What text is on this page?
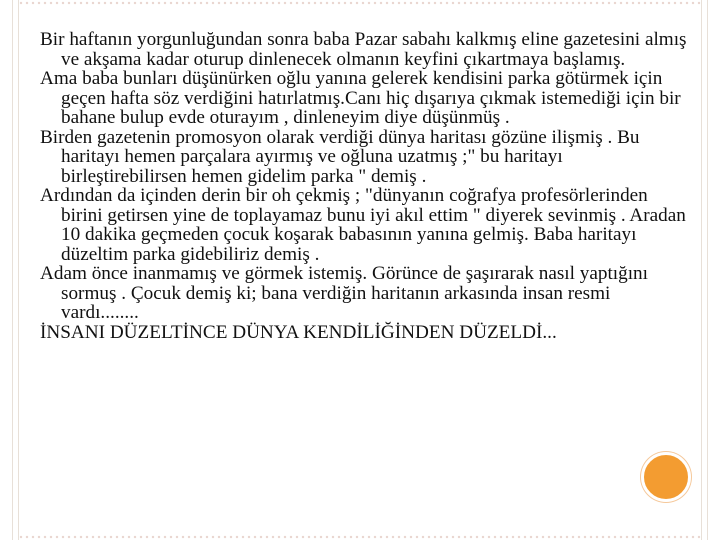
Bir haftanın yorgunluğundan sonra baba Pazar sabahı kalkmış eline gazetesini almış ve akşama kadar oturup dinlenecek olmanın keyfini çıkartmaya başlamış.

Ama baba bunları düşünürken oğlu yanına gelerek kendisini parka götürmek için geçen hafta söz verdiğini hatırlatmış.Canı hiç dışarıya çıkmak istemediği için bir bahane bulup evde oturayım , dinleneyim diye düşünmüş .

Birden gazetenin promosyon olarak verdiği dünya haritası gözüne ilişmiş . Bu haritayı hemen parçalara ayırmış ve oğluna uzatmış ;" bu haritayı birleştirebilirsen hemen gidelim parka " demiş .

Ardından da içinden derin bir oh çekmiş ; "dünyanın coğrafya profesörlerinden birini getirsen yine de toplayamaz bunu iyi akıl ettim " diyerek sevinmiş . Aradan 10 dakika geçmeden çocuk koşarak babasının yanına gelmiş. Baba haritayı düzeltim parka gidebiliriz demiş .

Adam önce inanmamış ve görmek istemiş. Görünce de şaşırarak nasıl yaptığını sormuş . Çocuk demiş ki; bana verdiğin haritanın arkasında insan resmi vardı........

İNSANI DÜZELTİNCE DÜNYA KENDİLİĞİNDEN DÜZELDİ...
